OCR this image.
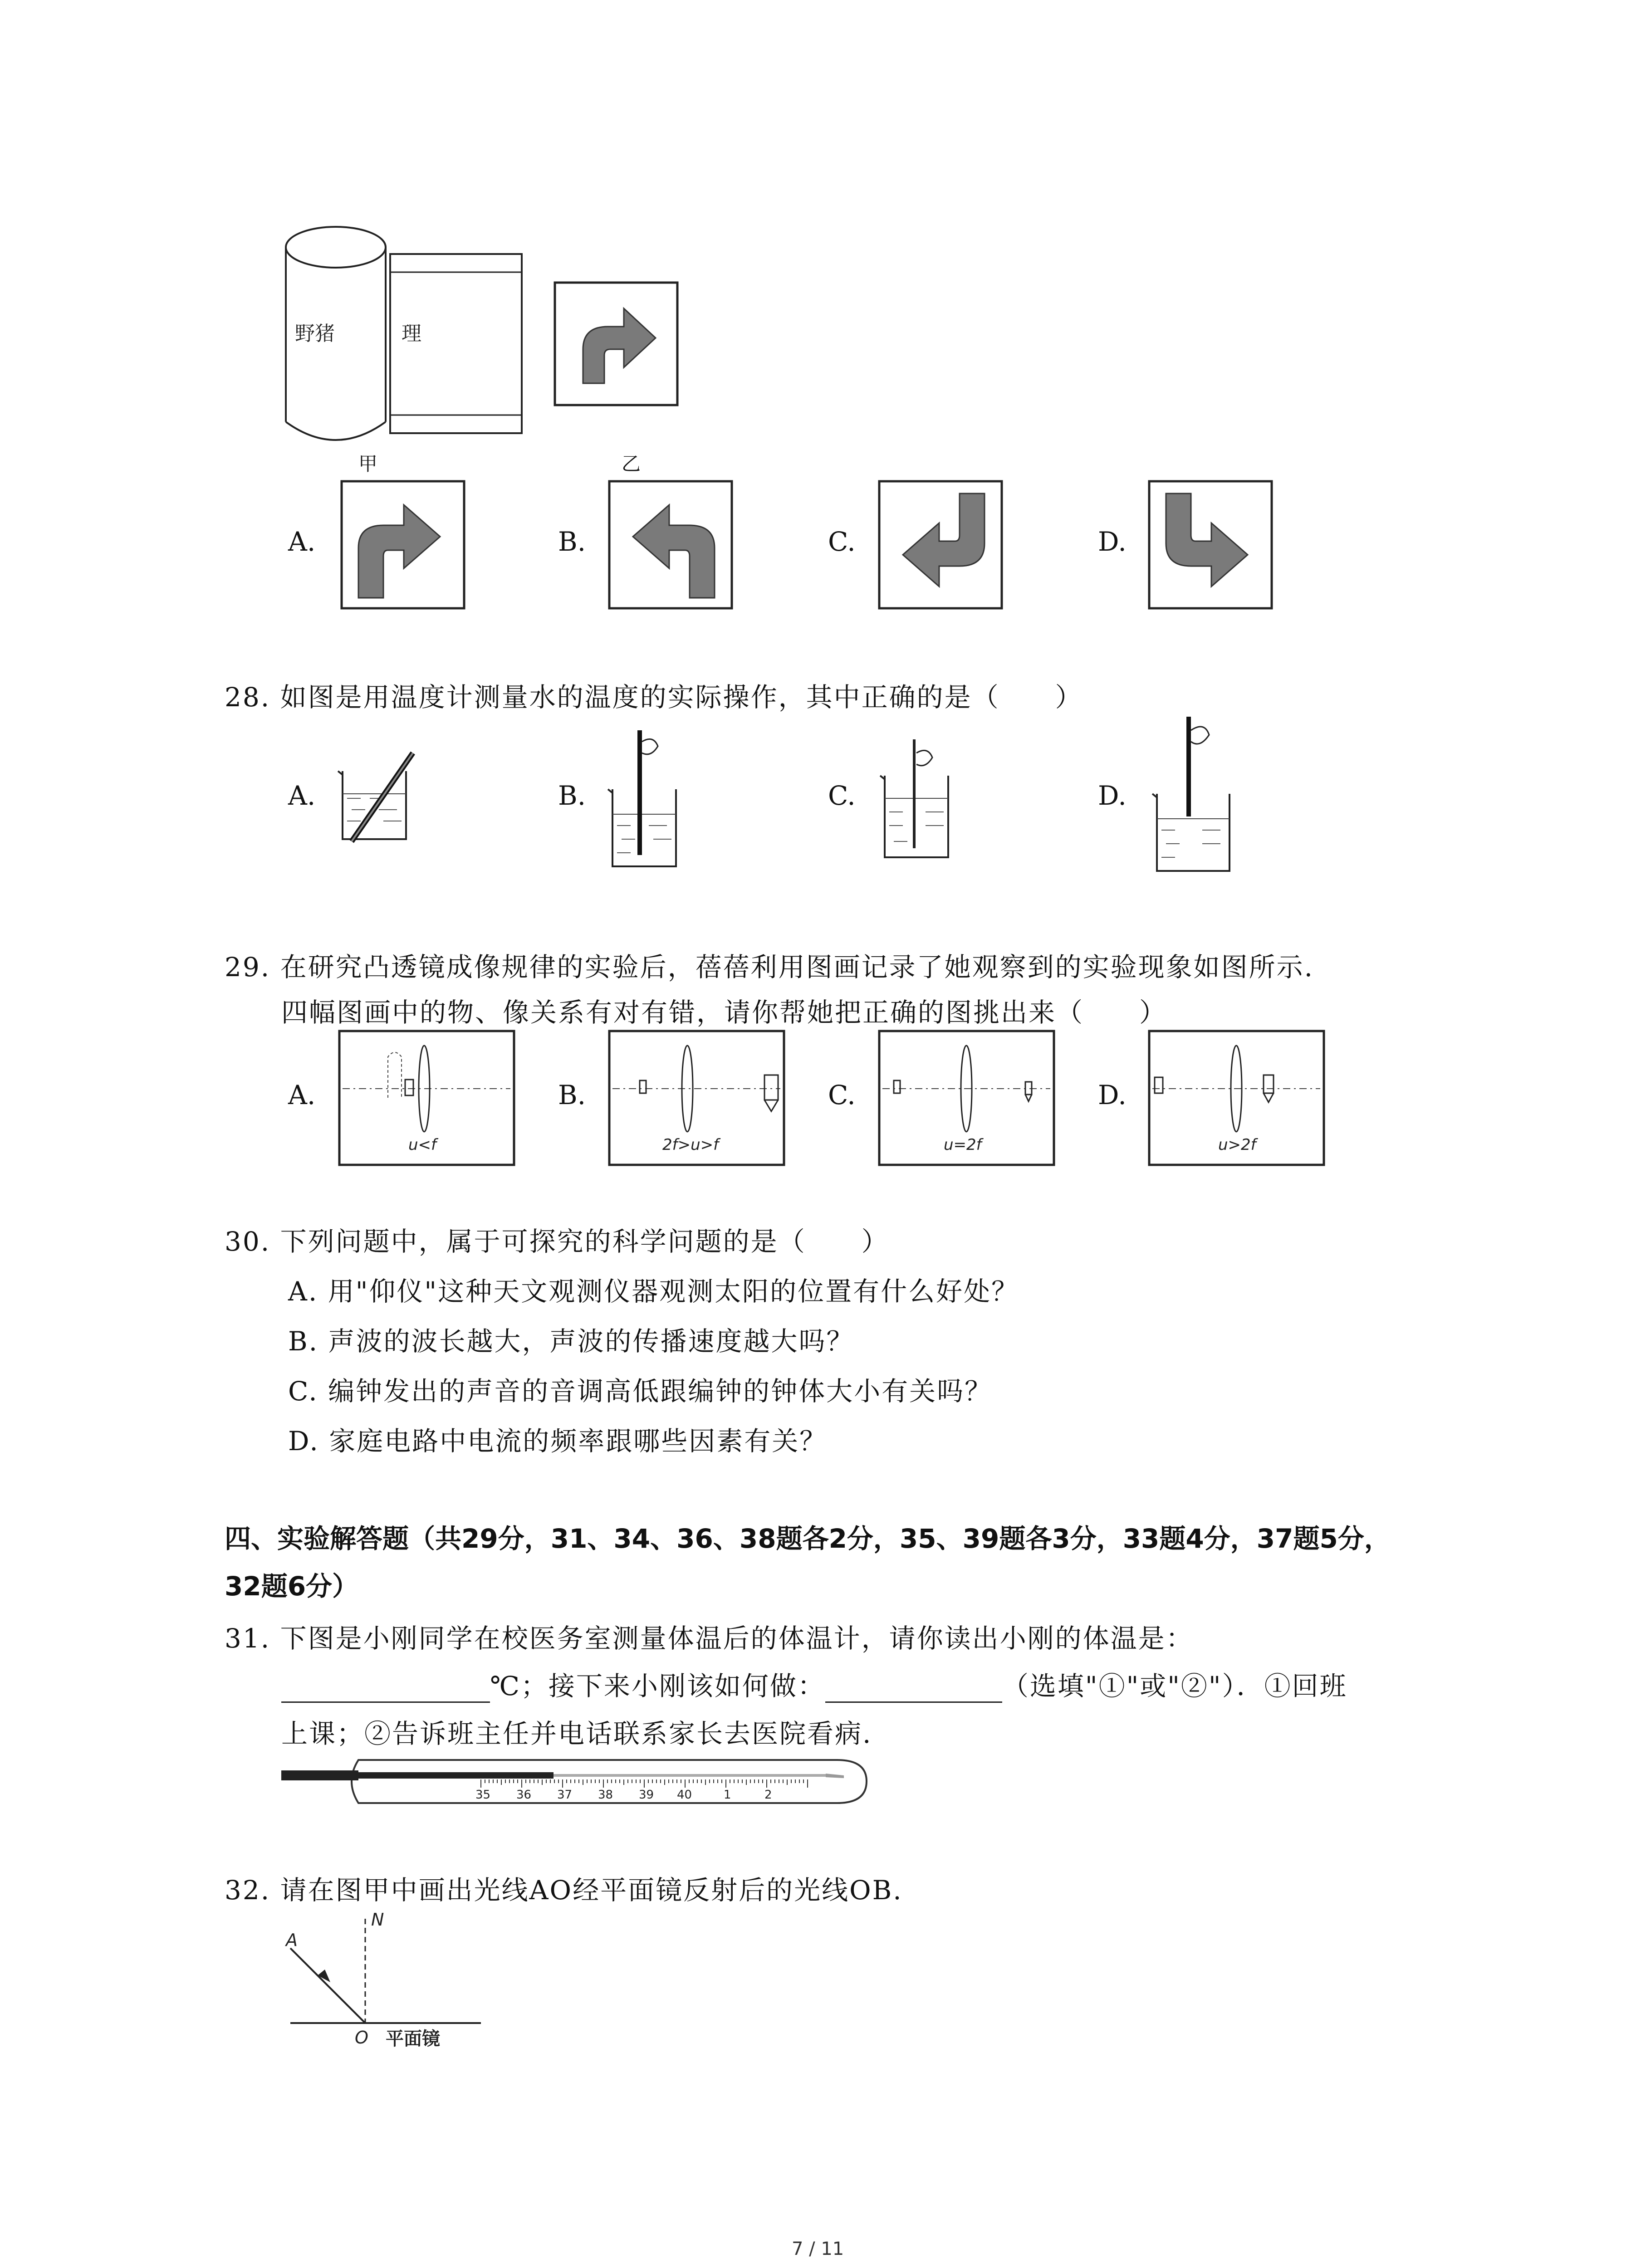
野猪	理
甲	乙
A.	B.	C.	D.
28. 如图是用温度计测量水的温度的实际操作，其中正确的是（　　）
A.	B.	C.	D.
29. 在研究凸透镜成像规律的实验后，蓓蓓利用图画记录了她观察到的实验现象如图所示.
四幅图画中的物、像关系有对有错，请你帮她把正确的图挑出来（　　）
A.
u<f
B.
2f>u>f
C.
u=2f
D.
u>2f
30. 下列问题中，属于可探究的科学问题的是（　　）
A. 用"仰仪"这种天文观测仪器观测太阳的位置有什么好处？
B. 声波的波长越大，声波的传播速度越大吗？
C. 编钟发出的声音的音调高低跟编钟的钟体大小有关吗？
D. 家庭电路中电流的频率跟哪些因素有关？
四、实验解答题（共29分，31、34、36、38题各2分，35、39题各3分，33题4分，37题5分，
32题6分）
31. 下图是小刚同学在校医务室测量体温后的体温计，请你读出小刚的体温是：
℃；接下来小刚该如何做：	（选填"①"或"②"）．①回班
上课；②告诉班主任并电话联系家长去医院看病.
35 36 37 38 39 40	1	2
32. 请在图甲中画出光线AO经平面镜反射后的光线OB.
N
A
O 平面镜
7 / 11
